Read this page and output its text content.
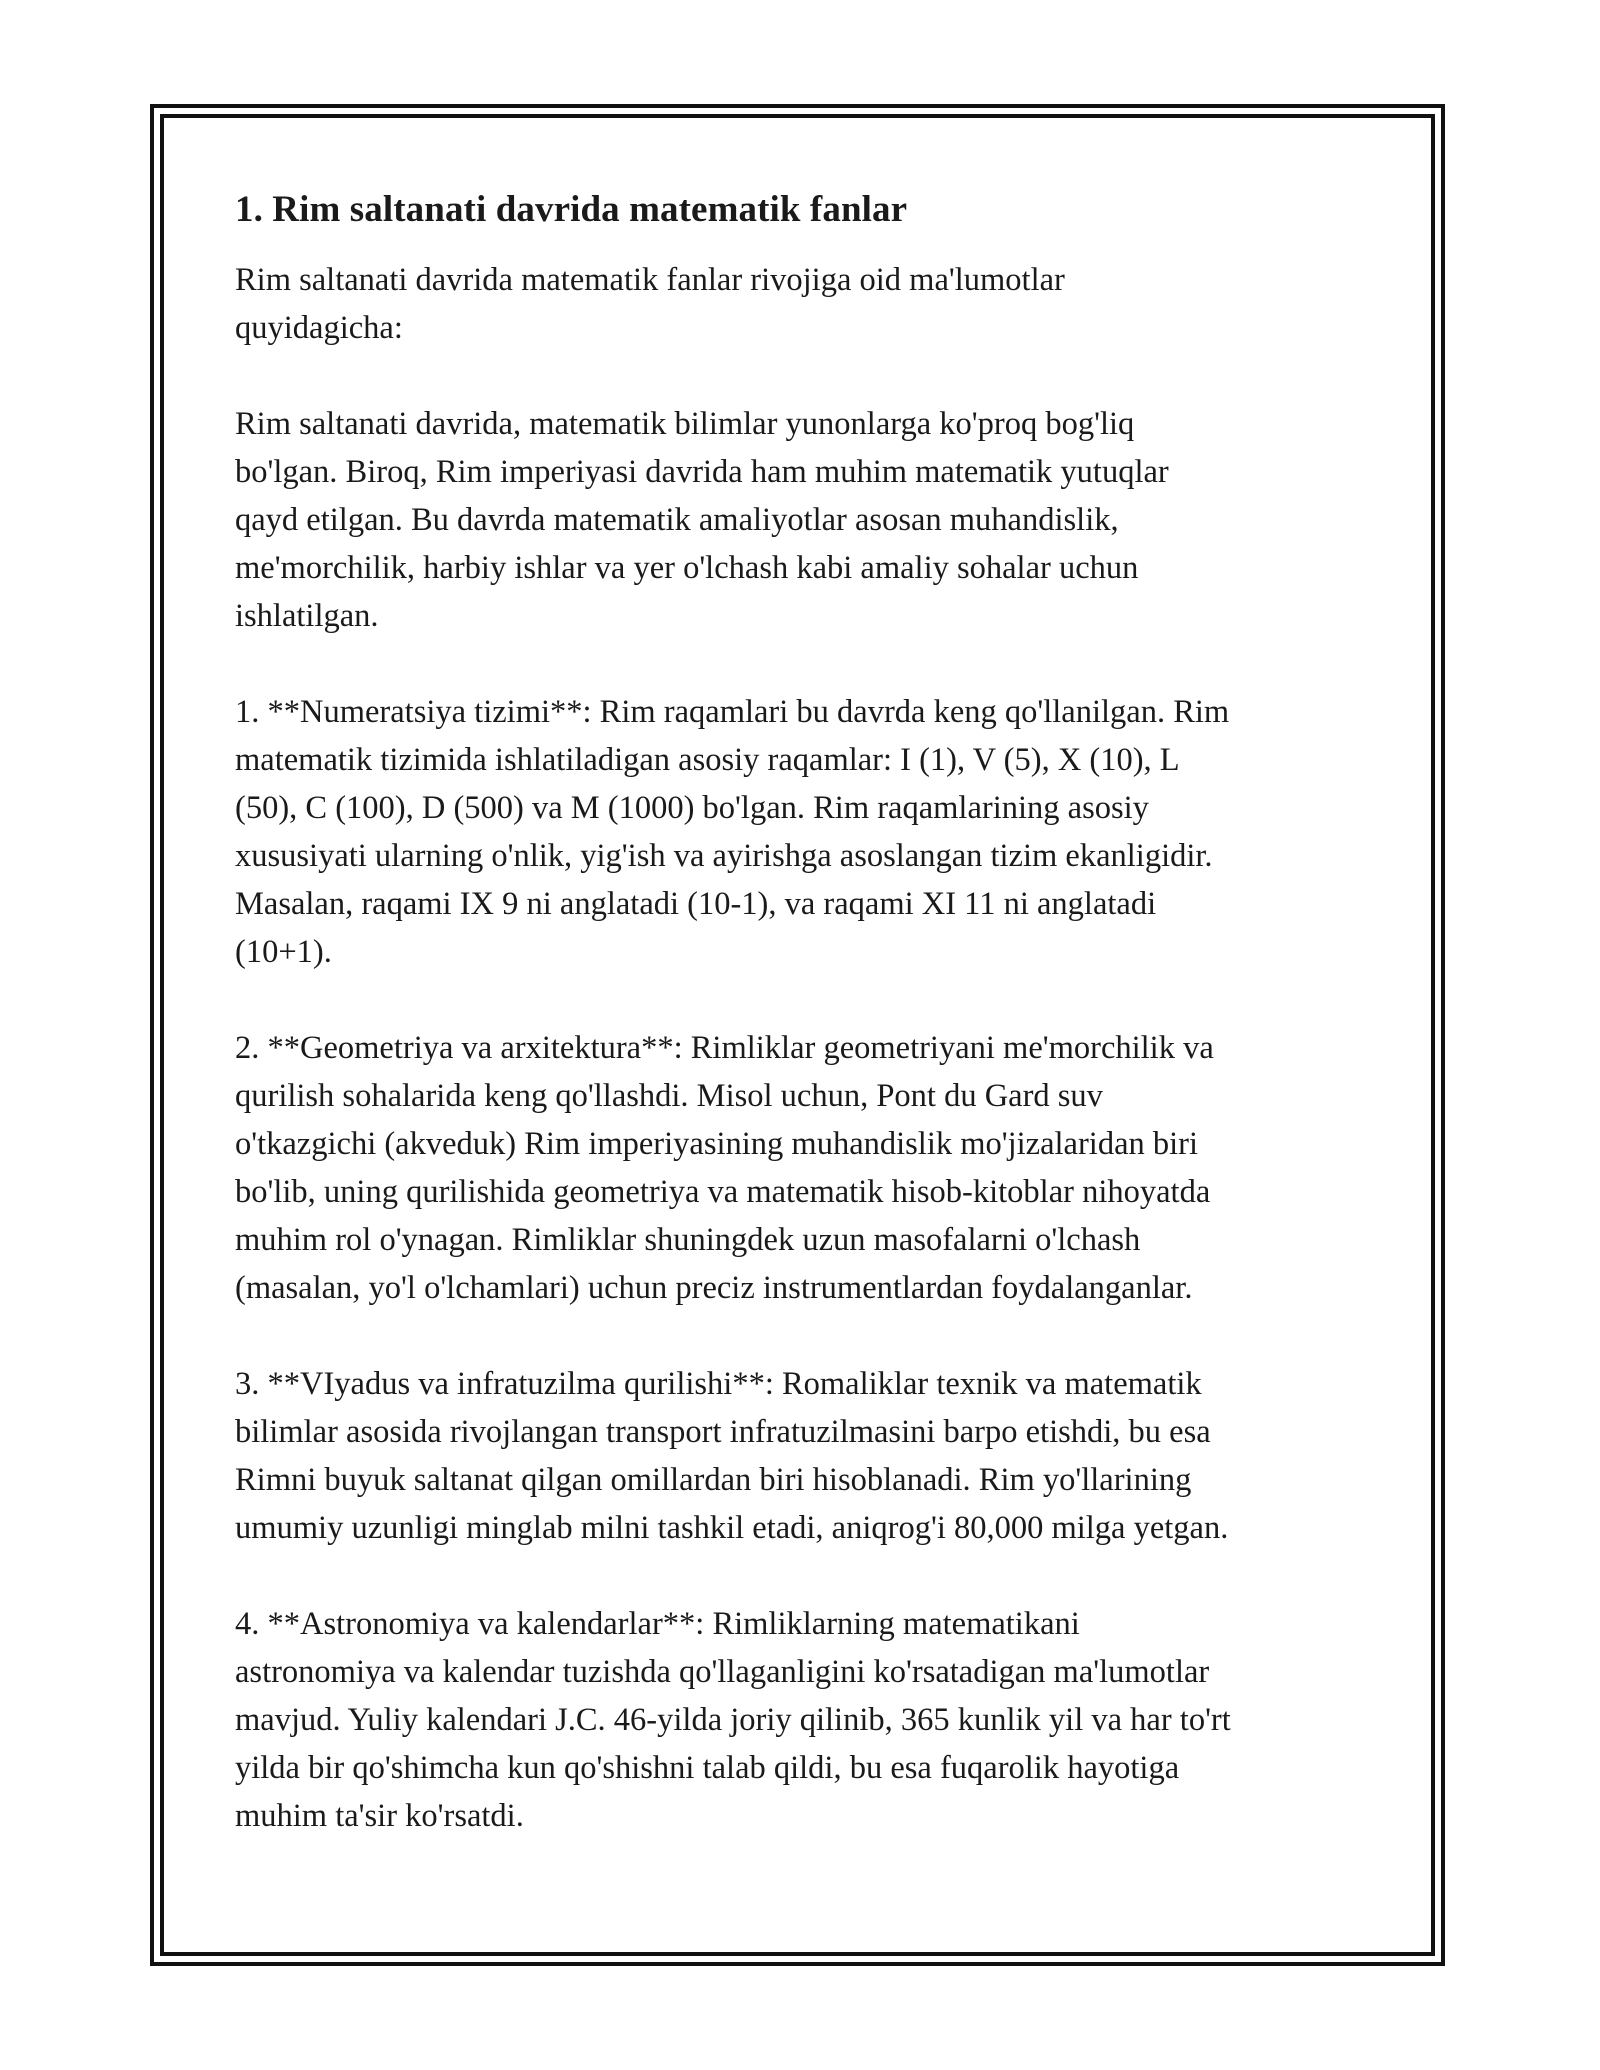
1. Rim saltanati davrida matematik fanlar
Rim saltanati davrida matematik fanlar rivojiga oid ma'lumotlar
quyidagicha:
Rim saltanati davrida, matematik bilimlar yunonlarga ko'proq bog'liq
bo'lgan. Biroq, Rim imperiyasi davrida ham muhim matematik yutuqlar
qayd etilgan. Bu davrda matematik amaliyotlar asosan muhandislik,
me'morchilik, harbiy ishlar va yer o'lchash kabi amaliy sohalar uchun
ishlatilgan.
1. **Numeratsiya tizimi**: Rim raqamlari bu davrda keng qo'llanilgan. Rim
matematik tizimida ishlatiladigan asosiy raqamlar: I (1), V (5), X (10), L
(50), C (100), D (500) va M (1000) bo'lgan. Rim raqamlarining asosiy
xususiyati ularning o'nlik, yig'ish va ayirishga asoslangan tizim ekanligidir.
Masalan, raqami IX 9 ni anglatadi (10-1), va raqami XI 11 ni anglatadi
(10+1).
2. **Geometriya va arxitektura**: Rimliklar geometriyani me'morchilik va
qurilish sohalarida keng qo'llashdi. Misol uchun, Pont du Gard suv
o'tkazgichi (akveduk) Rim imperiyasining muhandislik mo'jizalaridan biri
bo'lib, uning qurilishida geometriya va matematik hisob-kitoblar nihoyatda
muhim rol o'ynagan. Rimliklar shuningdek uzun masofalarni o'lchash
(masalan, yo'l o'lchamlari) uchun preciz instrumentlardan foydalanganlar.
3. **VIyadus va infratuzilma qurilishi**: Romaliklar texnik va matematik
bilimlar asosida rivojlangan transport infratuzilmasini barpo etishdi, bu esa
Rimni buyuk saltanat qilgan omillardan biri hisoblanadi. Rim yo'llarining
umumiy uzunligi minglab milni tashkil etadi, aniqrog'i 80,000 milga yetgan.
4. **Astronomiya va kalendarlar**: Rimliklarning matematikani
astronomiya va kalendar tuzishda qo'llaganligini ko'rsatadigan ma'lumotlar
mavjud. Yuliy kalendari J.C. 46-yilda joriy qilinib, 365 kunlik yil va har to'rt
yilda bir qo'shimcha kun qo'shishni talab qildi, bu esa fuqarolik hayotiga
muhim ta'sir ko'rsatdi.
